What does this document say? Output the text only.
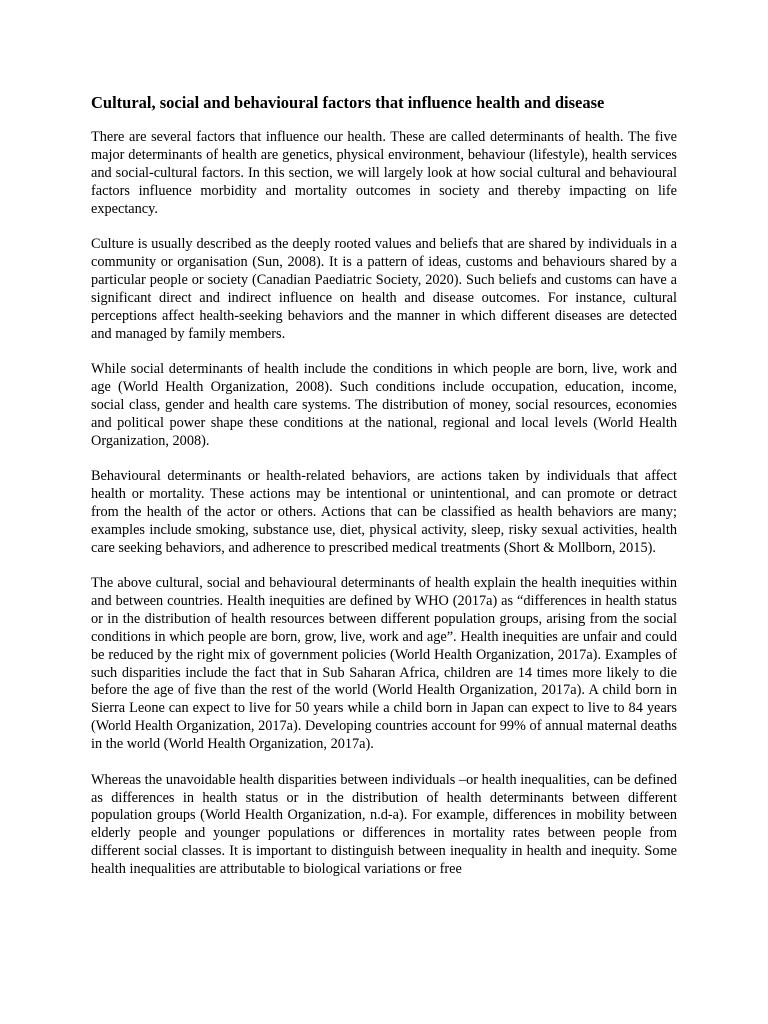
Cultural, social and behavioural factors that influence health and disease

There are several factors that influence our health. These are called determinants of health. The five major determinants of health are genetics, physical environment, behaviour (lifestyle), health services and social-cultural factors. In this section, we will largely look at how social cultural and behavioural factors influence morbidity and mortality outcomes in society and thereby impacting on life expectancy.

Culture is usually described as the deeply rooted values and beliefs that are shared by individuals in a community or organisation (Sun, 2008). It is a pattern of ideas, customs and behaviours shared by a particular people or society (Canadian Paediatric Society, 2020). Such beliefs and customs can have a significant direct and indirect influence on health and disease outcomes. For instance, cultural perceptions affect health-seeking behaviors and the manner in which different diseases are detected and managed by family members.

While social determinants of health include the conditions in which people are born, live, work and age (World Health Organization, 2008). Such conditions include occupation, education, income, social class, gender and health care systems. The distribution of money, social resources, economies and political power shape these conditions at the national, regional and local levels (World Health Organization, 2008).

Behavioural determinants or health-related behaviors, are actions taken by individuals that affect health or mortality. These actions may be intentional or unintentional, and can promote or detract from the health of the actor or others. Actions that can be classified as health behaviors are many; examples include smoking, substance use, diet, physical activity, sleep, risky sexual activities, health care seeking behaviors, and adherence to prescribed medical treatments (Short & Mollborn, 2015).

The above cultural, social and behavioural determinants of health explain the health inequities within and between countries. Health inequities are defined by WHO (2017a) as “differences in health status or in the distribution of health resources between different population groups, arising from the social conditions in which people are born, grow, live, work and age”. Health inequities are unfair and could be reduced by the right mix of government policies (World Health Organization, 2017a). Examples of such disparities include the fact that in Sub Saharan Africa, children are 14 times more likely to die before the age of five than the rest of the world (World Health Organization, 2017a). A child born in Sierra Leone can expect to live for 50 years while a child born in Japan can expect to live to 84 years (World Health Organization, 2017a). Developing countries account for 99% of annual maternal deaths in the world (World Health Organization, 2017a).

Whereas the unavoidable health disparities between individuals –or health inequalities, can be defined as differences in health status or in the distribution of health determinants between different population groups (World Health Organization, n.d-a). For example, differences in mobility between elderly people and younger populations or differences in mortality rates between people from different social classes. It is important to distinguish between inequality in health and inequity. Some health inequalities are attributable to biological variations or free
